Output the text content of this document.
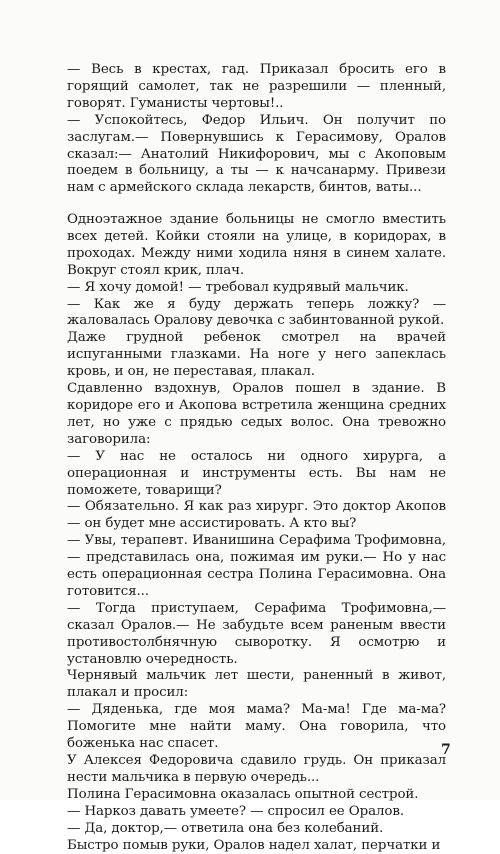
— Весь в крестах, гад. Приказал бросить его в горящий самолет, так не разрешили — пленный, говорят. Гуманисты чертовы!..

— Успокойтесь, Федор Ильич. Он получит по заслугам.— Повернувшись к Герасимову, Оралов сказал:— Анатолий Никифорович, мы с Акоповым поедем в больницу, а ты — к начсанарму. Привези нам с армейского склада лекарств, бинтов, ваты...

Одноэтажное здание больницы не смогло вместить всех детей. Койки стояли на улице, в коридорах, в проходах. Между ними ходила няня в синем халате. Вокруг стоял крик, плач.

— Я хочу домой! — требовал кудрявый мальчик.

— Как же я буду держать теперь ложку? — жаловалась Оралову девочка с забинтованной рукой.

Даже грудной ребенок смотрел на врачей испуганными глазками. На ноге у него запеклась кровь, и он, не переставая, плакал.

Сдавленно вздохнув, Оралов пошел в здание. В коридоре его и Акопова встретила женщина средних лет, но уже с прядью седых волос. Она тревожно заговорила:

— У нас не осталось ни одного хирурга, а операционная и инструменты есть. Вы нам не поможете, товарищи?

— Обязательно. Я как раз хирург. Это доктор Акопов— он будет мне ассистировать. А кто вы?

— Увы, терапевт. Иванишина Серафима Трофимовна,— представилась она, пожимая им руки.— Но у нас есть операционная сестра Полина Герасимовна. Она готовится...

— Тогда приступаем, Серафима Трофимовна,— сказал Оралов.— Не забудьте всем раненым ввести противостолбнячную сыворотку. Я осмотрю и установлю очередность.

Чернявый мальчик лет шести, раненный в живот, плакал и просил:

— Дяденька, где моя мама? Ма-ма! Где ма-ма? Помогите мне найти маму. Она говорила, что боженька нас спасет.

У Алексея Федоровича сдавило грудь. Он приказал нести мальчика в первую очередь...

Полина Герасимовна оказалась опытной сестрой.

— Наркоз давать умеете? — спросил ее Оралов.

— Да, доктор,— ответила она без колебаний.

Быстро помыв руки, Оралов надел халат, перчатки и

7
